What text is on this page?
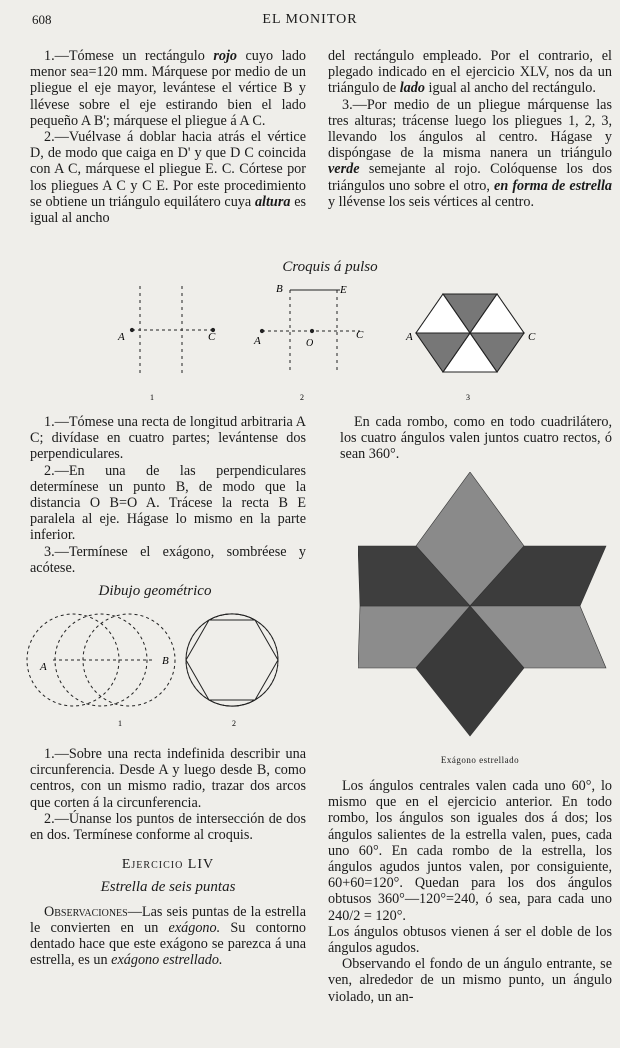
608	EL MONITOR

1.—Tómese un rectángulo rojo cuyo lado menor sea=120 mm. Márquese por medio de un pliegue el eje mayor, levántese el vértice B y llévese sobre el eje estirando bien el lado pequeño A B'; márquese el pliegue á A C.

2.—Vuélvase á doblar hacia atrás el vértice D, de modo que caiga en D' y que D C coincida con A C, márquese el pliegue E. C. Córtese por los pliegues A C y C E. Por este procedimiento se obtiene un triángulo equilátero cuya altura es igual al ancho

del rectángulo empleado. Por el contrario, el plegado indicado en el ejercicio XLV, nos da un triángulo de lado igual al ancho del rectángulo.

3.—Por medio de un pliegue márquense las tres alturas; trácense luego los pliegues 1, 2, 3, llevando los ángulos al centro. Hágase y dispóngase de la misma nanera un triángulo verde semejante al rojo. Colóquense los dos triángulos uno sobre el otro, en forma de estrella y llévense los seis vértices al centro.

Croquis á pulso
A	C
1
B	E
A	O
C
2
A	C
3

1.—Tómese una recta de longitud arbitraria A C; divídase en cuatro partes; levántense dos perpendiculares.

2.—En una de las perpendiculares determínese un punto B, de modo que la distancia O B=O A. Trácese la recta B E paralela al eje. Hágase lo mismo en la parte inferior.

3.—Termínese el exágono, sombréese y acótese.

En cada rombo, como en todo cuadrilátero, los cuatro ángulos valen juntos cuatro rectos, ó sean 360°.

Dibujo geométrico
A	B
1	2
Exágono estrellado

1.—Sobre una recta indefinida describir una circunferencia. Desde A y luego desde B, como centros, con un mismo radio, trazar dos arcos que corten á la circunferencia.

2.—Únanse los puntos de intersección de dos en dos. Termínese conforme al croquis.

Ejercicio LIV

Estrella de seis puntas

Observaciones—Las seis puntas de la estrella le convierten en un exágono. Su contorno dentado hace que este exágono se parezca á una estrella, es un exágono estrellado.

Los ángulos centrales valen cada uno 60°, lo mismo que en el ejercicio anterior. En todo rombo, los ángulos son iguales dos á dos; los ángulos salientes de la estrella valen, pues, cada uno 60°. En cada rombo de la estrella, los ángulos agudos juntos valen, por consiguiente, 60+60=120°. Quedan para los dos ángulos obtusos 360°—120°=240, ó sea, para cada uno 240/2 = 120°.

Los ángulos obtusos vienen á ser el doble de los ángulos agudos.

Observando el fondo de un ángulo entrante, se ven, alrededor de un mismo punto, un ángulo violado, un an-
